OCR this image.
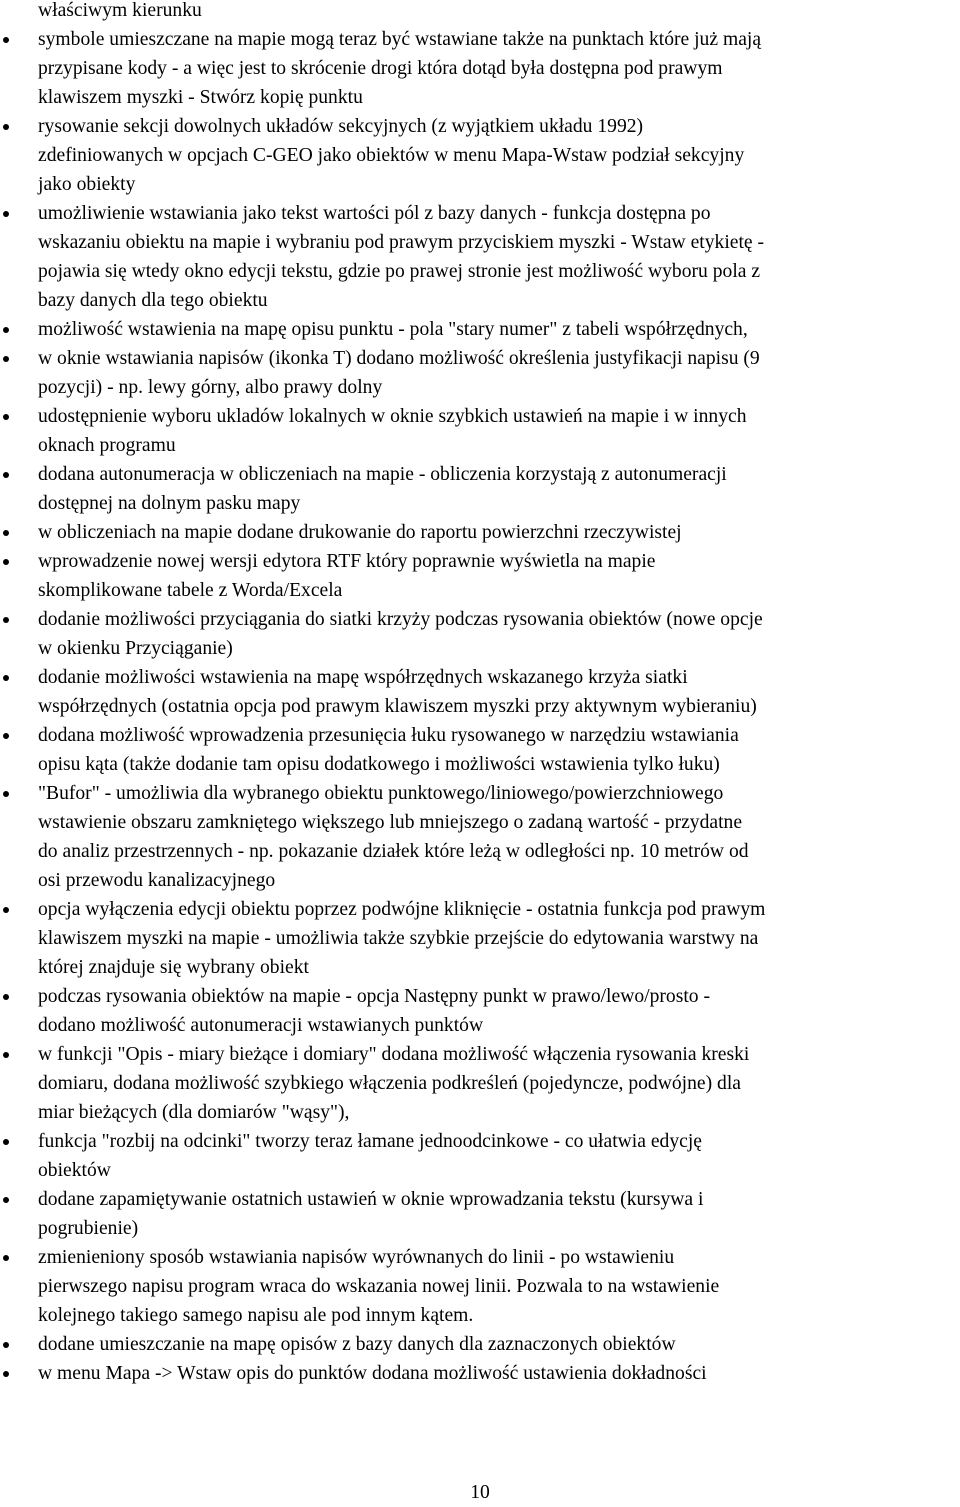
właściwym kierunku
symbole umieszczane na mapie mogą teraz być wstawiane także na punktach które już mają
przypisane kody - a więc jest to skrócenie drogi która dotąd była dostępna pod prawym
klawiszem myszki - Stwórz kopię punktu
rysowanie sekcji dowolnych układów sekcyjnych (z wyjątkiem układu 1992)
zdefiniowanych w opcjach C-GEO jako obiektów w menu Mapa-Wstaw podział sekcyjny
jako obiekty
umożliwienie wstawiania jako tekst wartości pól z bazy danych - funkcja dostępna po
wskazaniu obiektu na mapie i wybraniu pod prawym przyciskiem myszki - Wstaw etykietę -
pojawia się wtedy okno edycji tekstu, gdzie po prawej stronie jest możliwość wyboru pola z
bazy danych dla tego obiektu
możliwość wstawienia na mapę opisu punktu - pola "stary numer" z tabeli współrzędnych,
w oknie wstawiania napisów (ikonka T) dodano możliwość określenia justyfikacji napisu (9
pozycji) - np. lewy górny, albo prawy dolny
udostępnienie wyboru ukladów lokalnych w oknie szybkich ustawień na mapie i w innych
oknach programu
dodana autonumeracja w obliczeniach na mapie - obliczenia korzystają z autonumeracji
dostępnej na dolnym pasku mapy
w obliczeniach na mapie dodane drukowanie do raportu powierzchni rzeczywistej
wprowadzenie nowej wersji edytora RTF który poprawnie wyświetla na mapie
skomplikowane tabele z Worda/Excela
dodanie możliwości przyciągania do siatki krzyży podczas rysowania obiektów (nowe opcje
w okienku Przyciąganie)
dodanie możliwości wstawienia na mapę współrzędnych wskazanego krzyża siatki
współrzędnych (ostatnia opcja pod prawym klawiszem myszki przy aktywnym wybieraniu)
dodana możliwość wprowadzenia przesunięcia łuku rysowanego w narzędziu wstawiania
opisu kąta (także dodanie tam opisu dodatkowego i możliwości wstawienia tylko łuku)
"Bufor" - umożliwia dla wybranego obiektu punktowego/liniowego/powierzchniowego
wstawienie obszaru zamkniętego większego lub mniejszego o zadaną wartość - przydatne
do analiz przestrzennych - np. pokazanie działek które leżą w odległości np. 10 metrów od
osi przewodu kanalizacyjnego
opcja wyłączenia edycji obiektu poprzez podwójne kliknięcie - ostatnia funkcja pod prawym
klawiszem myszki na mapie - umożliwia także szybkie przejście do edytowania warstwy na
której znajduje się wybrany obiekt
podczas rysowania obiektów na mapie - opcja Następny punkt w prawo/lewo/prosto -
dodano możliwość autonumeracji wstawianych punktów
w funkcji "Opis - miary bieżące i domiary" dodana możliwość włączenia rysowania kreski
domiaru, dodana możliwość szybkiego włączenia podkreśleń (pojedyncze, podwójne) dla
miar bieżących (dla domiarów "wąsy"),
funkcja "rozbij na odcinki" tworzy teraz łamane jednoodcinkowe - co ułatwia edycję
obiektów
dodane zapamiętywanie ostatnich ustawień w oknie wprowadzania tekstu (kursywa i
pogrubienie)
zmienieniony sposób wstawiania napisów wyrównanych do linii - po wstawieniu
pierwszego napisu program wraca do wskazania nowej linii. Pozwala to na wstawienie
kolejnego takiego samego napisu ale pod innym kątem.
dodane umieszczanie na mapę opisów z bazy danych dla zaznaczonych obiektów
w menu Mapa -> Wstaw opis do punktów dodana możliwość ustawienia dokładności
10
